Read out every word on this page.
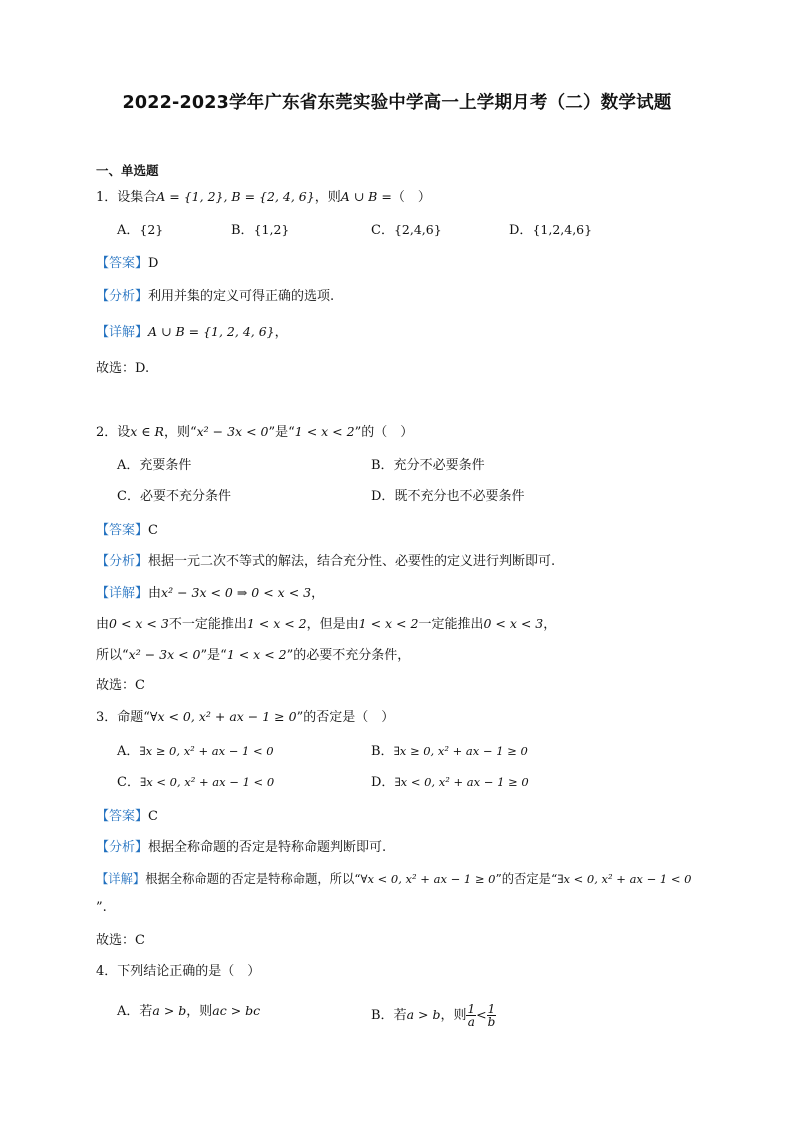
2022-2023学年广东省东莞实验中学高一上学期月考（二）数学试题
一、单选题
1．设集合A = {1, 2}, B = {2, 4, 6}，则A ∪ B =（　）
A．{2}	B．{1,2}	C．{2,4,6}	D．{1,2,4,6}
【答案】D
【分析】利用并集的定义可得正确的选项.
【详解】A ∪ B = {1, 2, 4, 6}，
故选：D.
2．设x ∈ R，则“x² − 3x < 0”是“1 < x < 2”的（　）
A．充要条件	B．充分不必要条件
C．必要不充分条件	D．既不充分也不必要条件
【答案】C
【分析】根据一元二次不等式的解法，结合充分性、必要性的定义进行判断即可.
【详解】由x² − 3x < 0 ⇒ 0 < x < 3，
由0 < x < 3不一定能推出1 < x < 2，但是由1 < x < 2一定能推出0 < x < 3，
所以“x² − 3x < 0”是“1 < x < 2”的必要不充分条件，
故选：C
3．命题“∀x < 0, x² + ax − 1 ≥ 0”的否定是（　）
A．∃x ≥ 0, x² + ax − 1 < 0	B．∃x ≥ 0, x² + ax − 1 ≥ 0
C．∃x < 0, x² + ax − 1 < 0	D．∃x < 0, x² + ax − 1 ≥ 0
【答案】C
【分析】根据全称命题的否定是特称命题判断即可.
【详解】根据全称命题的否定是特称命题，所以“∀x < 0, x² + ax − 1 ≥ 0”的否定是“∃x < 0, x² + ax − 1 < 0
”.
故选：C
4．下列结论正确的是（　）
A．若a > b，则ac > bc	B．若a > b，则 $\frac{1}{a} < \frac{1}{b}$
